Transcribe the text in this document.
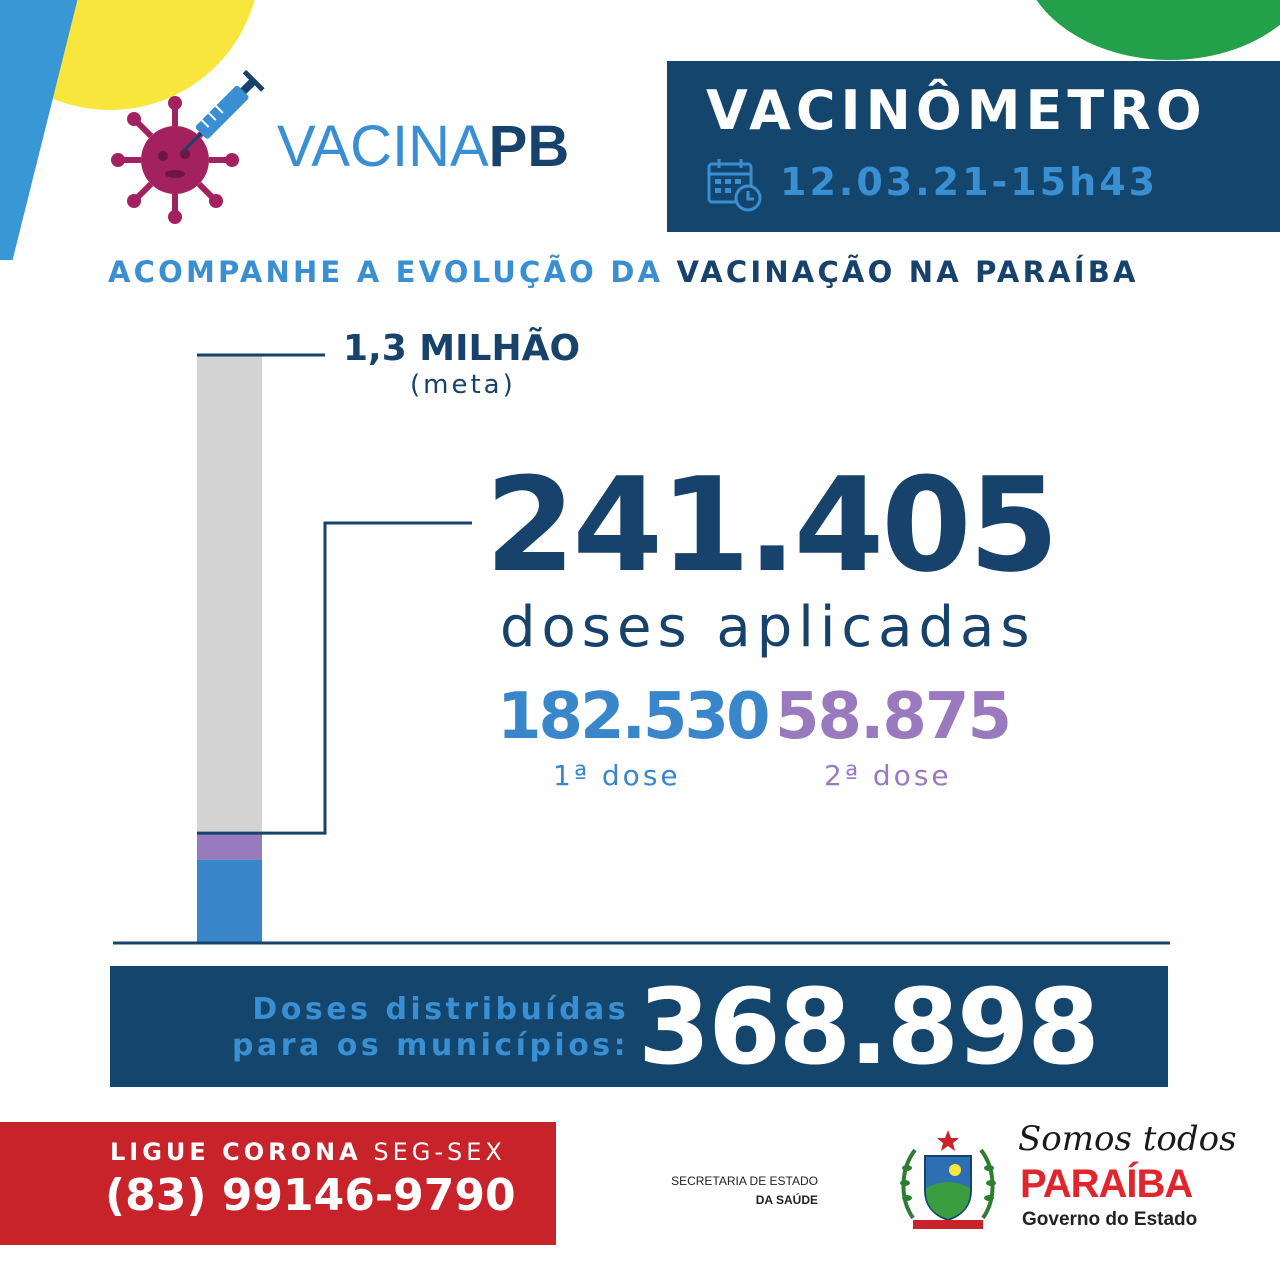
VACINAPB
VACINÔMETRO
12.03.21-15h43
ACOMPANHE A EVOLUÇÃO DA VACINAÇÃO NA PARAÍBA
1,3 MILHÃO
(meta)
241.405
doses aplicadas
182.530
1ª dose
58.875
2ª dose
Doses distribuídas
para os municípios: 368.898
LIGUE CORONA SEG-SEX
(83) 99146-9790	SECRETARIA DE ESTADO
DA SAÚDE
Somos todos
PARAÍBA
Governo do Estado
